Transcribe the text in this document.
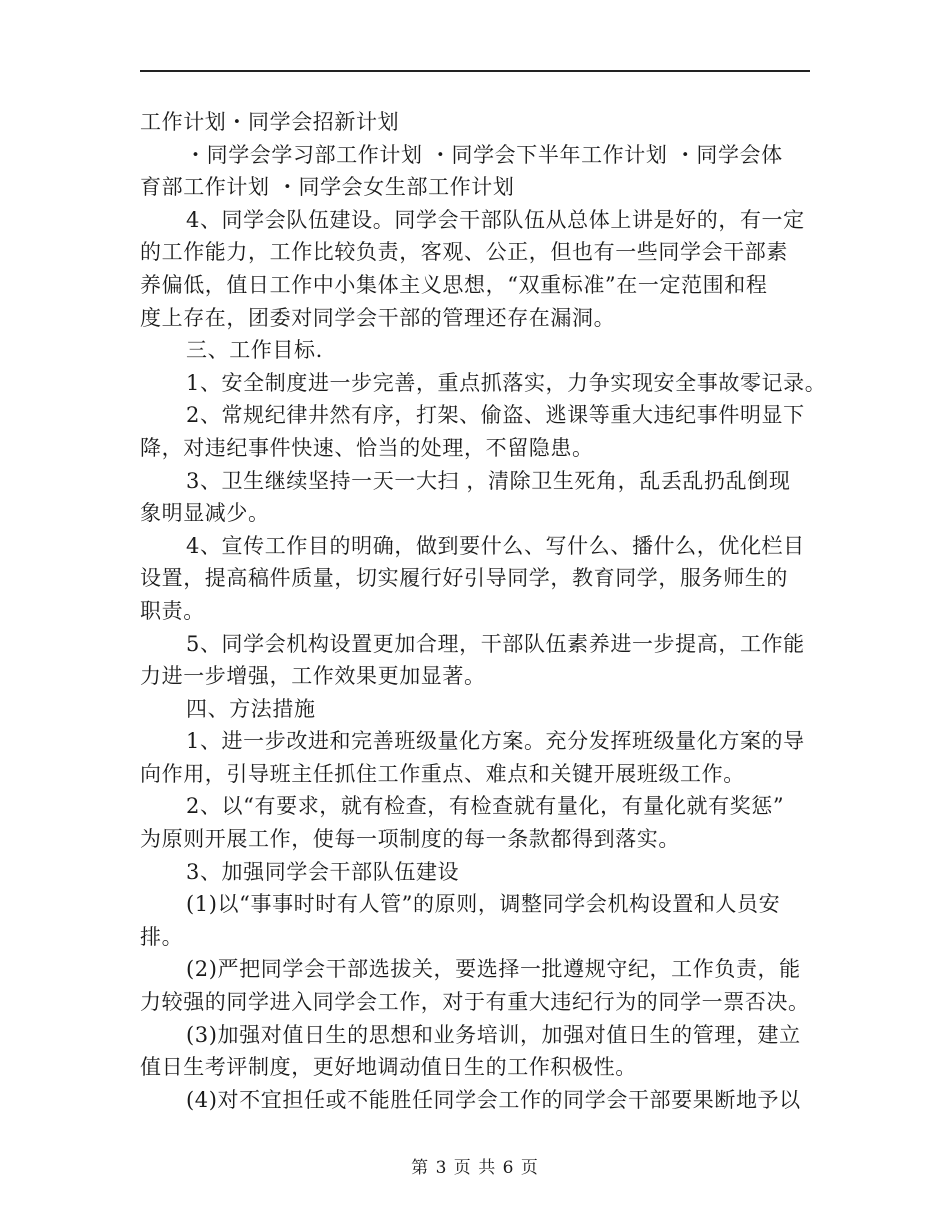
工作计划・同学会招新计划
・同学会学习部工作计划 ・同学会下半年工作计划 ・同学会体
育部工作计划 ・同学会女生部工作计划
4、同学会队伍建设。同学会干部队伍从总体上讲是好的，有一定
的工作能力，工作比较负责，客观、公正，但也有一些同学会干部素
养偏低，值日工作中小集体主义思想，“双重标准”在一定范围和程
度上存在，团委对同学会干部的管理还存在漏洞。
三、工作目标.
1、安全制度进一步完善，重点抓落实，力争实现安全事故零记录。
2、常规纪律井然有序，打架、偷盗、逃课等重大违纪事件明显下
降，对违纪事件快速、恰当的处理，不留隐患。
3、卫生继续坚持一天一大扫 ，清除卫生死角，乱丢乱扔乱倒现
象明显减少。
4、宣传工作目的明确，做到要什么、写什么、播什么，优化栏目
设置，提高稿件质量，切实履行好引导同学，教育同学，服务师生的
职责。
5、同学会机构设置更加合理，干部队伍素养进一步提高，工作能
力进一步增强，工作效果更加显著。
四、方法措施
1、进一步改进和完善班级量化方案。充分发挥班级量化方案的导
向作用，引导班主任抓住工作重点、难点和关键开展班级工作。
2、以“有要求，就有检查，有检查就有量化，有量化就有奖惩”
为原则开展工作，使每一项制度的每一条款都得到落实。
3、加强同学会干部队伍建设
(1)以“事事时时有人管”的原则，调整同学会机构设置和人员安
排。
(2)严把同学会干部选拔关，要选择一批遵规守纪，工作负责，能
力较强的同学进入同学会工作，对于有重大违纪行为的同学一票否决。
(3)加强对值日生的思想和业务培训，加强对值日生的管理，建立
值日生考评制度，更好地调动值日生的工作积极性。
(4)对不宜担任或不能胜任同学会工作的同学会干部要果断地予以
第 3 页 共 6 页
